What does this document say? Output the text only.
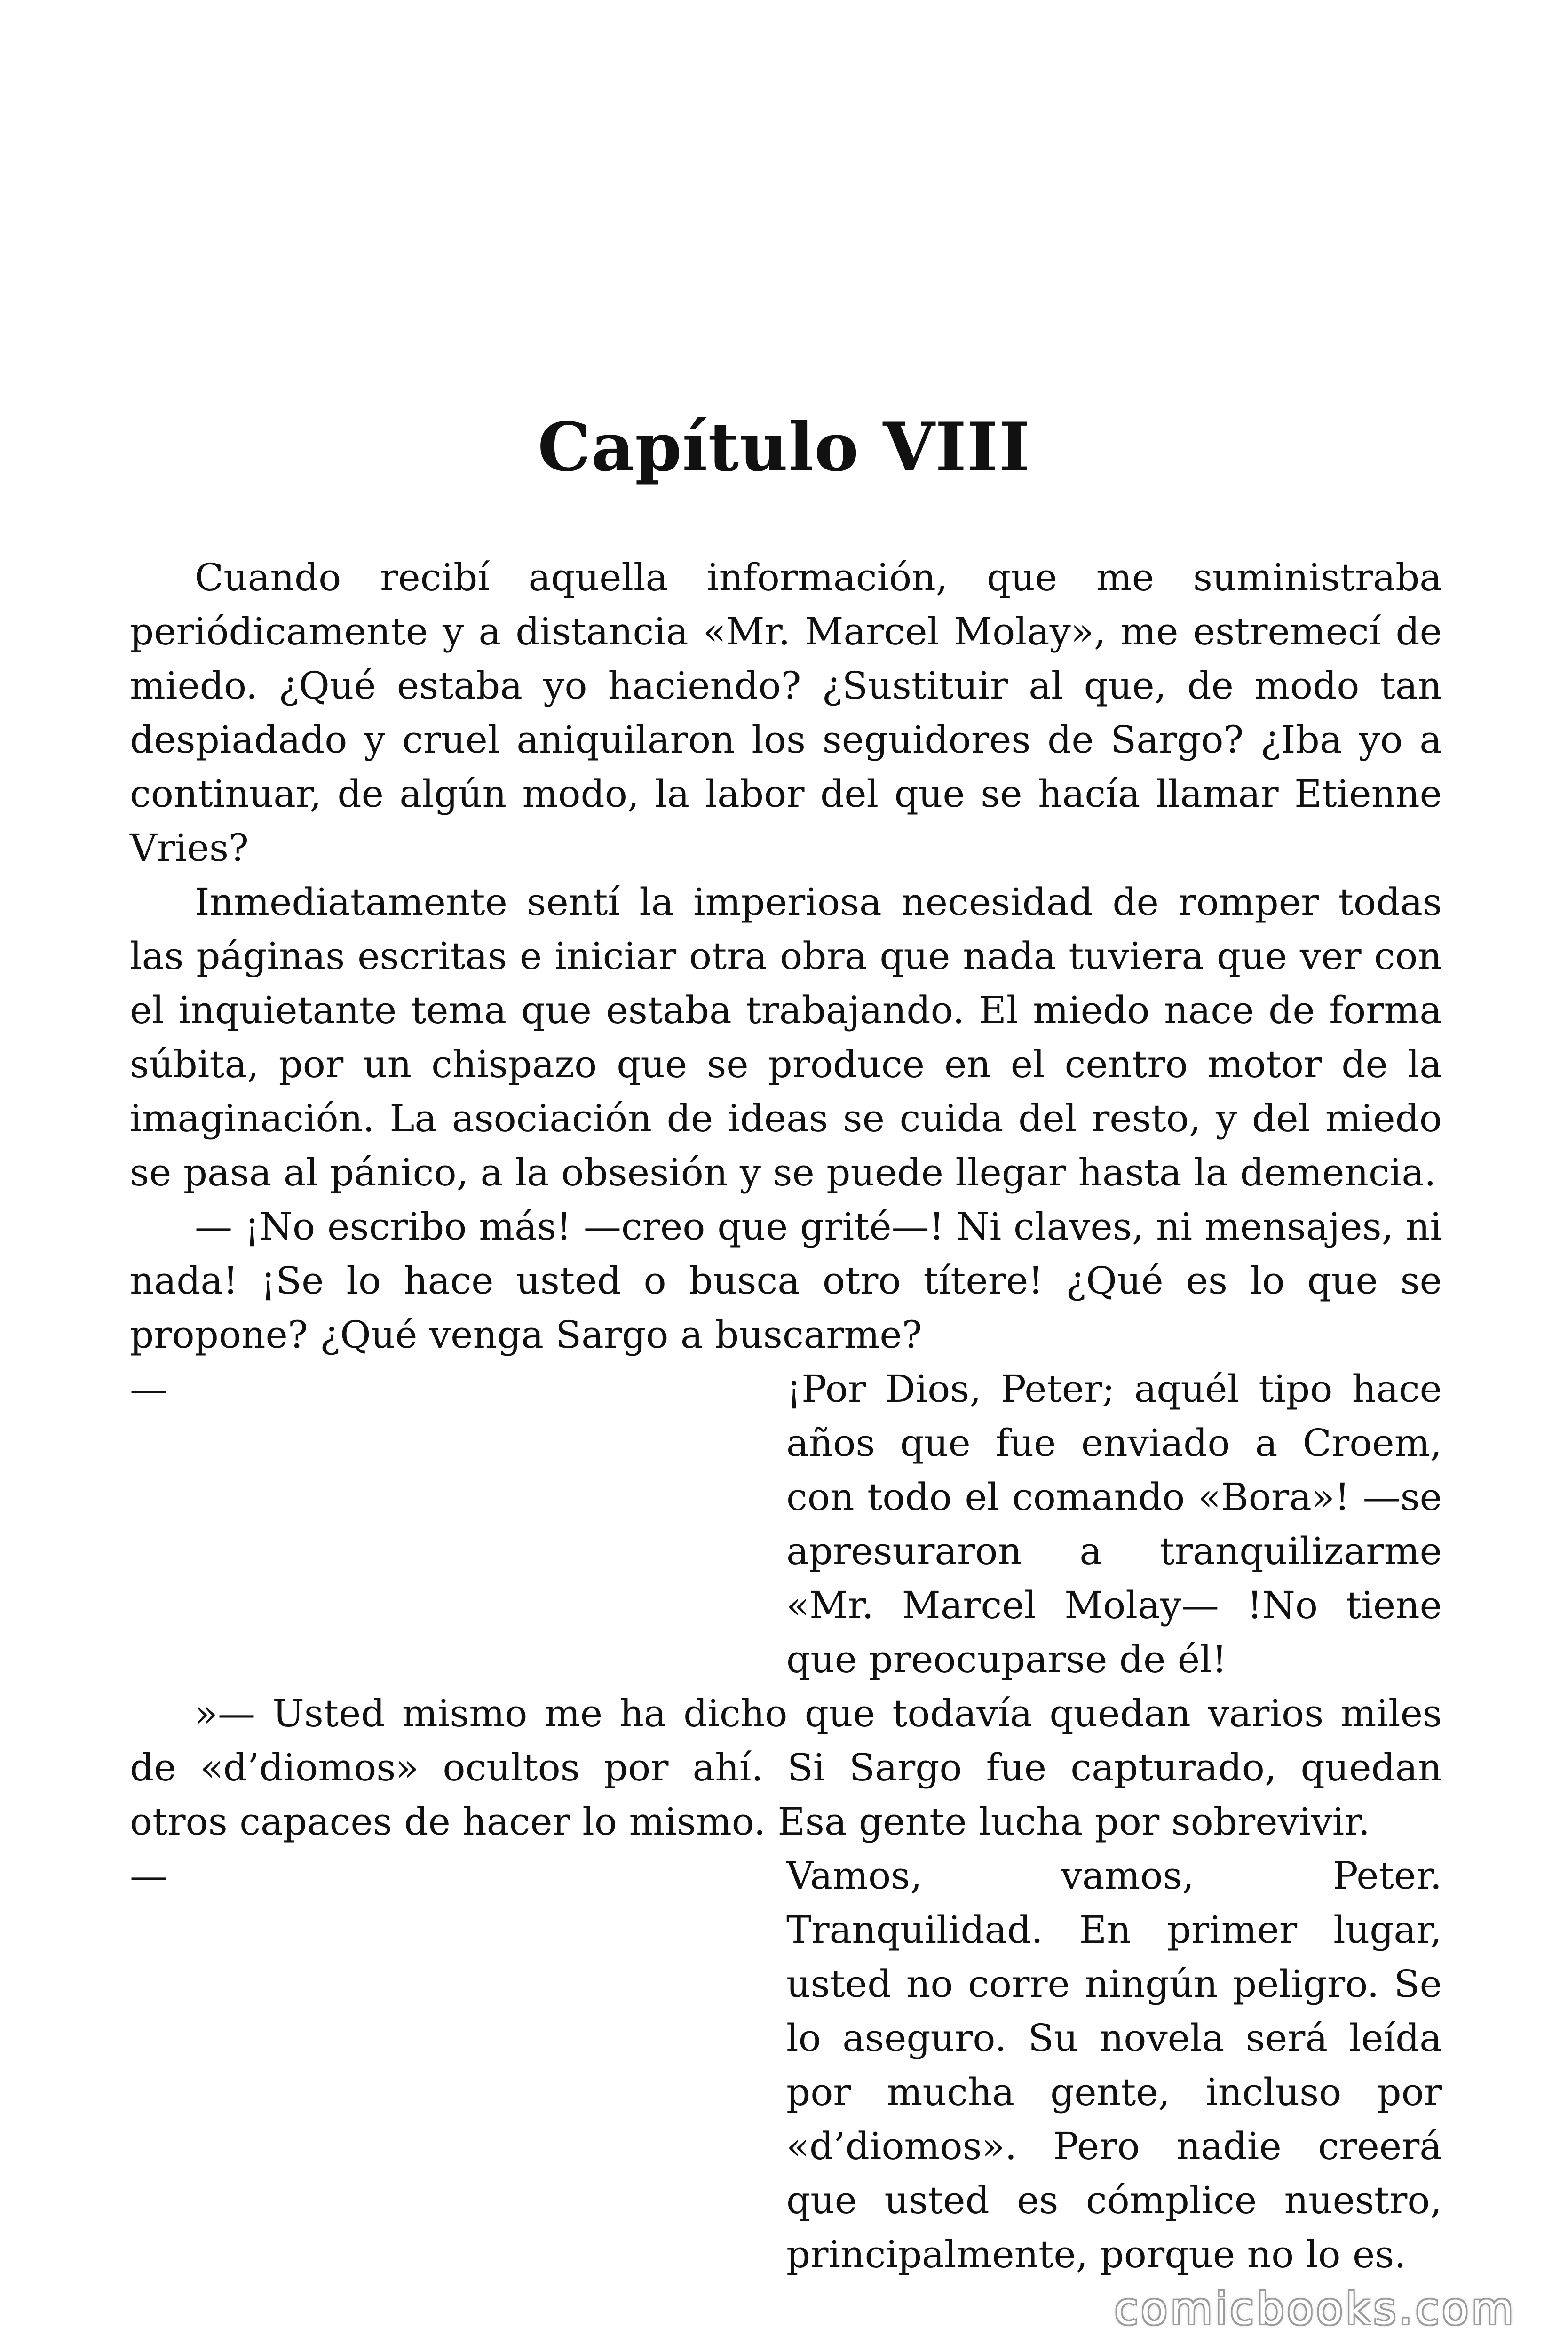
Capítulo VIII

Cuando recibí aquella información, que me suministraba periódicamente y a distancia «Mr. Marcel Molay», me estremecí de miedo. ¿Qué estaba yo haciendo? ¿Sustituir al que, de modo tan despiadado y cruel aniquilaron los seguidores de Sargo? ¿Iba yo a continuar, de algún modo, la labor del que se hacía llamar Etienne Vries?

Inmediatamente sentí la imperiosa necesidad de romper todas las páginas escritas e iniciar otra obra que nada tuviera que ver con el inquietante tema que estaba trabajando. El miedo nace de forma súbita, por un chispazo que se produce en el centro motor de la imaginación. La asociación de ideas se cuida del resto, y del miedo se pasa al pánico, a la obsesión y se puede llegar hasta la demencia.

— ¡No escribo más! —creo que grité—! Ni claves, ni mensajes, ni nada! ¡Se lo hace usted o busca otro títere! ¿Qué es lo que se propone? ¿Qué venga Sargo a buscarme?

—	¡Por Dios, Peter; aquél tipo hace años que fue enviado a Croem, con todo el comando «Bora»! —se apresuraron a tranquilizarme «Mr. Marcel Molay— !No tiene que preocuparse de él!

»— Usted mismo me ha dicho que todavía quedan varios miles de «d’diomos» ocultos por ahí. Si Sargo fue capturado, quedan otros capaces de hacer lo mismo. Esa gente lucha por sobrevivir.

—	Vamos, vamos, Peter. Tranquilidad. En primer lugar, usted no corre ningún peligro. Se lo aseguro. Su novela será leída por mucha gente, incluso por «d’diomos». Pero nadie creerá que usted es cómplice nuestro, principalmente, porque no lo es.
comicbooks.com
